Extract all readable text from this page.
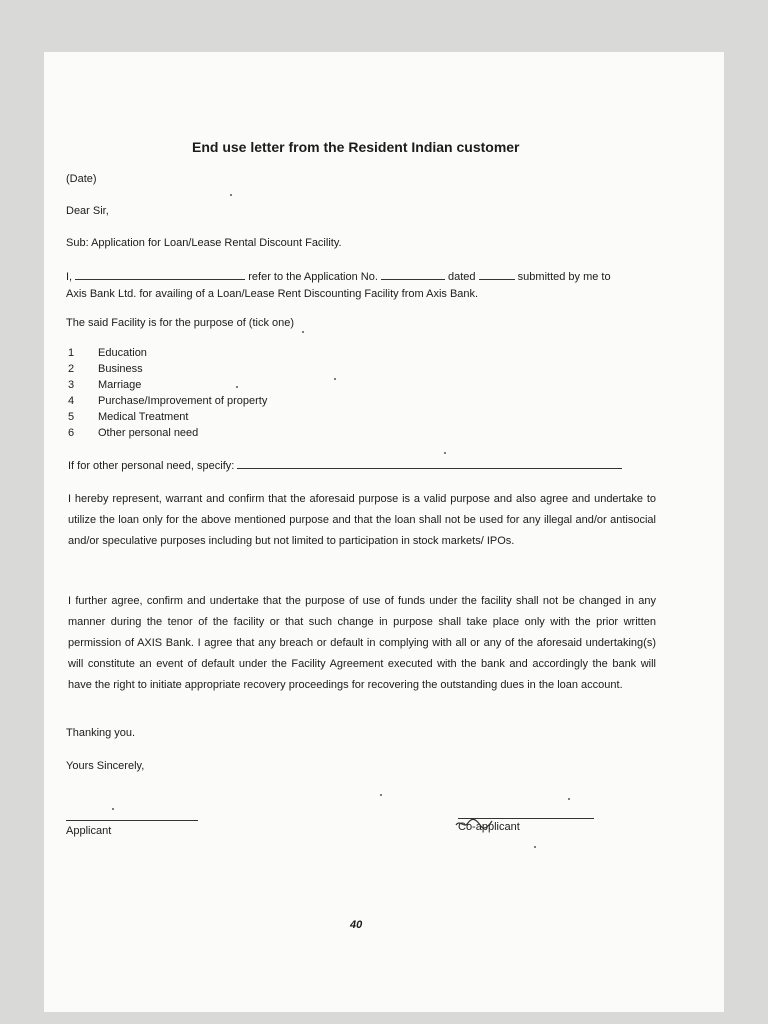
End use letter from the Resident Indian customer

(Date)

Dear Sir,

Sub: Application for Loan/Lease Rental Discount Facility.

I,	refer to the Application No.	dated	submitted by me to

Axis Bank Ltd. for availing of a Loan/Lease Rent Discounting Facility from Axis Bank.

The said Facility is for the purpose of (tick one)

1	Education
2	Business
3	Marriage
4	Purchase/Improvement of property
5	Medical Treatment
6	Other personal need
If for other personal need, specify:

I hereby represent, warrant and confirm that the aforesaid purpose is a valid purpose and also agree and undertake to utilize the loan only for the above mentioned purpose and that the loan shall not be used for any illegal and/or antisocial and/or speculative purposes including but not limited to participation in stock markets/ IPOs.

I further agree, confirm and undertake that the purpose of use of funds under the facility shall not be changed in any manner during the tenor of the facility or that such change in purpose shall take place only with the prior written permission of AXIS Bank. I agree that any breach or default in complying with all or any of the aforesaid undertaking(s) will constitute an event of default under the Facility Agreement executed with the bank and accordingly the bank will have the right to initiate appropriate recovery proceedings for recovering the outstanding dues in the loan account.

Thanking you.

Yours Sincerely,

Applicant	Co-applicant

40
